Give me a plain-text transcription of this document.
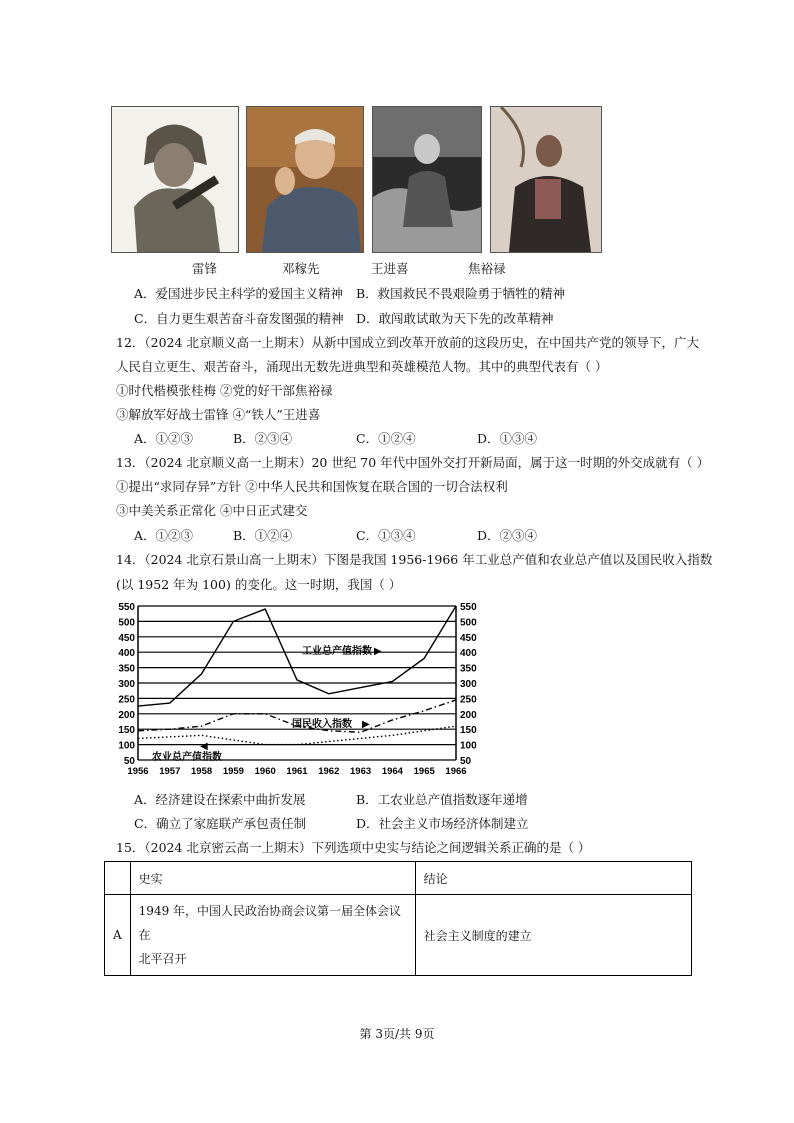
雷锋	邓稼先	王进喜	焦裕禄
A．爱国进步民主科学的爱国主义精神 B．救国救民不畏艰险勇于牺牲的精神
C．自力更生艰苦奋斗奋发图强的精神 D．敢闯敢试敢为天下先的改革精神
12．（2024 北京顺义高一上期末）从新中国成立到改革开放前的这段历史，在中国共产党的领导下，广大
人民自立更生、艰苦奋斗，涌现出无数先进典型和英雄模范人物。其中的典型代表有（ ）
①时代楷模张桂梅 ②党的好干部焦裕禄
③解放军好战士雷锋 ④“铁人”王进喜
A．①②③	B．②③④	C．①②④	D．①③④
13．（2024 北京顺义高一上期末）20 世纪 70 年代中国外交打开新局面，属于这一时期的外交成就有（ ）
①提出“求同存异”方针 ②中华人民共和国恢复在联合国的一切合法权利
③中美关系正常化 ④中日正式建交
A．①②③	B．①②④	C．①③④	D．②③④
14．（2024 北京石景山高一上期末）下图是我国 1956-1966 年工业总产值和农业总产值以及国民收入指数
(以 1952 年为 100) 的变化。这一时期，我国（ ）
50	50
100	100
150	150
200	200
250	250
300	300
350	350
400	400
450	450
500	500
550	550
1956 1957 1958 1959 1960 1961 1962 1963 1964 1965 1966
工业总产值指数 ▶
国民收入指数 ▶
农业总产值指数
◀
A．经济建设在探索中曲折发展	B．工农业总产值指数逐年递增
C．确立了家庭联产承包责任制	D．社会主义市场经济体制建立
15．（2024 北京密云高一上期末）下列选项中史实与结论之间逻辑关系正确的是（ ）
	史实	结论
A	1949 年，中国人民政治协商会议第一届全体会议在
北平召开	社会主义制度的建立
第 3页/共 9页
